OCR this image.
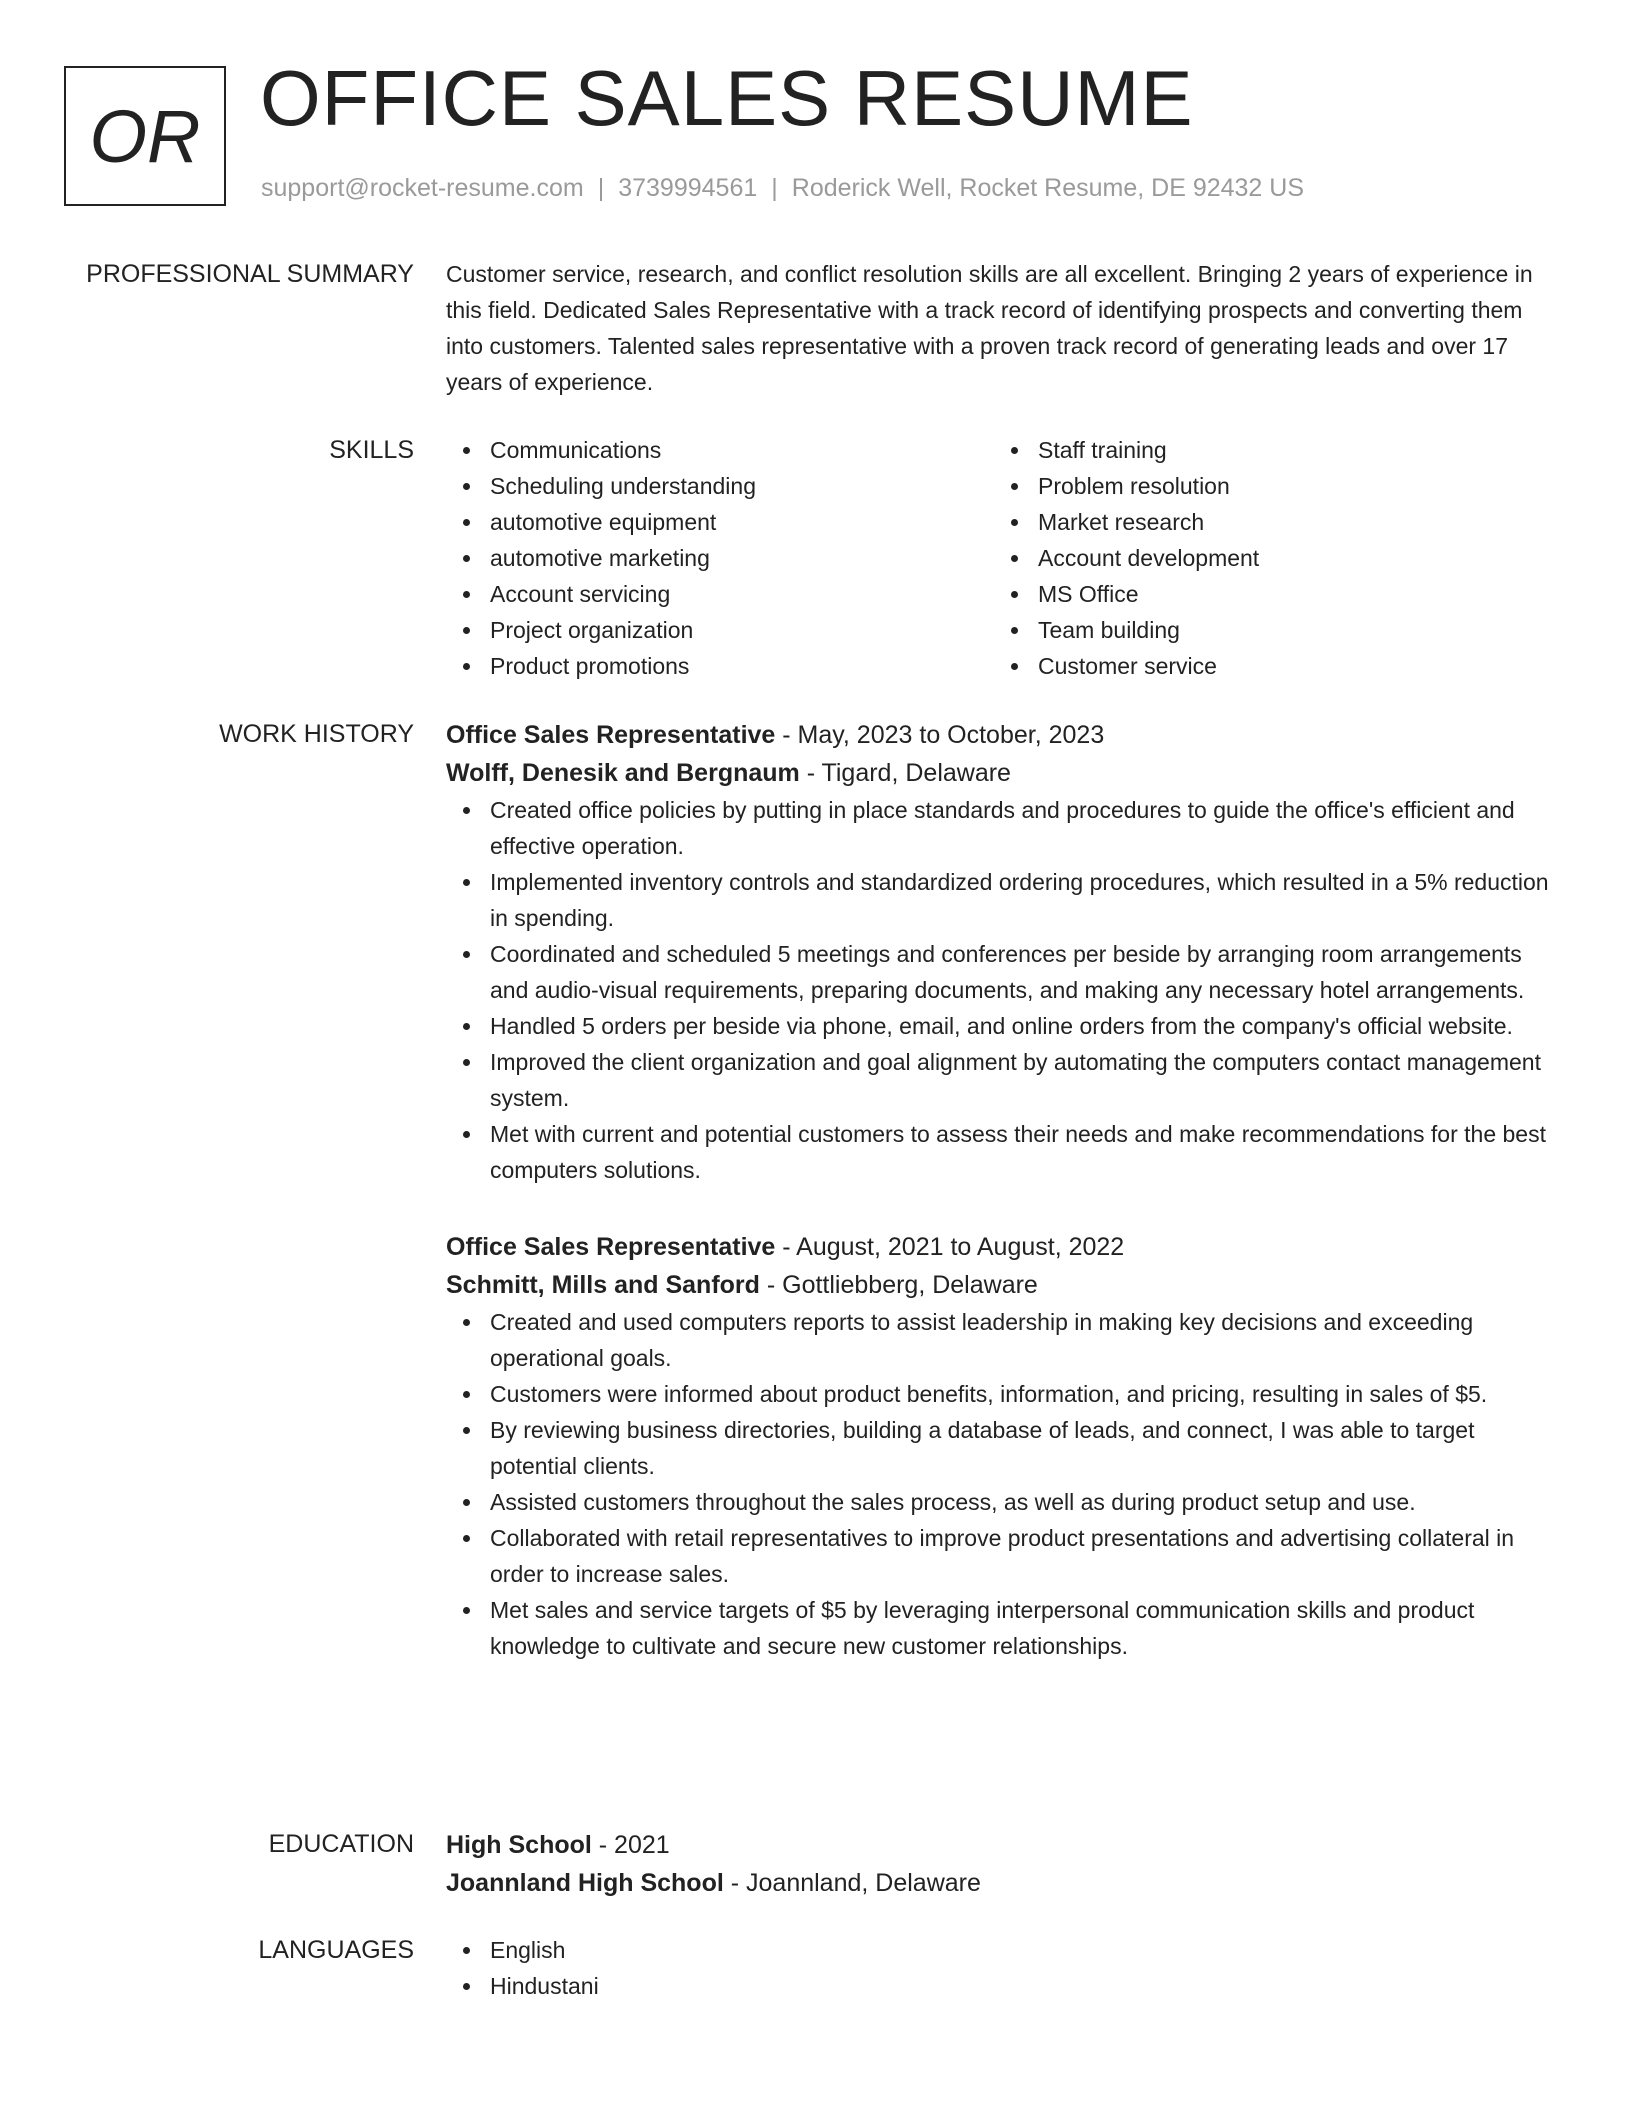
OR OFFICE SALES RESUME
support@rocket-resume.com | 3739994561 | Roderick Well, Rocket Resume, DE 92432 US
PROFESSIONAL SUMMARY Customer service, research, and conflict resolution skills are all excellent. Bringing 2 years of experience in this field. Dedicated Sales Representative with a track record of identifying prospects and converting them into customers. Talented sales representative with a proven track record of generating leads and over 17 years of experience.

SKILLS	Communications
Scheduling understanding
automotive equipment
automotive marketing
Account servicing
Project organization
Product promotions
Staff training
Problem resolution
Market research
Account development
MS Office
Team building
Customer service
WORK HISTORY Office Sales Representative - May, 2023 to October, 2023
Wolff, Denesik and Bergnaum - Tigard, Delaware
Created office policies by putting in place standards and procedures to guide the office's efficient and effective operation.
Implemented inventory controls and standardized ordering procedures, which resulted in a 5% reduction in spending.
Coordinated and scheduled 5 meetings and conferences per beside by arranging room arrangements and audio-visual requirements, preparing documents, and making any necessary hotel arrangements.
Handled 5 orders per beside via phone, email, and online orders from the company's official website.
Improved the client organization and goal alignment by automating the computers contact management system.
Met with current and potential customers to assess their needs and make recommendations for the best computers solutions.
Office Sales Representative - August, 2021 to August, 2022
Schmitt, Mills and Sanford - Gottliebberg, Delaware
Created and used computers reports to assist leadership in making key decisions and exceeding operational goals.
Customers were informed about product benefits, information, and pricing, resulting in sales of $5.
By reviewing business directories, building a database of leads, and connect, I was able to target potential clients.
Assisted customers throughout the sales process, as well as during product setup and use.
Collaborated with retail representatives to improve product presentations and advertising collateral in order to increase sales.
Met sales and service targets of $5 by leveraging interpersonal communication skills and product knowledge to cultivate and secure new customer relationships.
EDUCATION High School - 2021
Joannland High School - Joannland, Delaware
LANGUAGES	English
Hindustani
